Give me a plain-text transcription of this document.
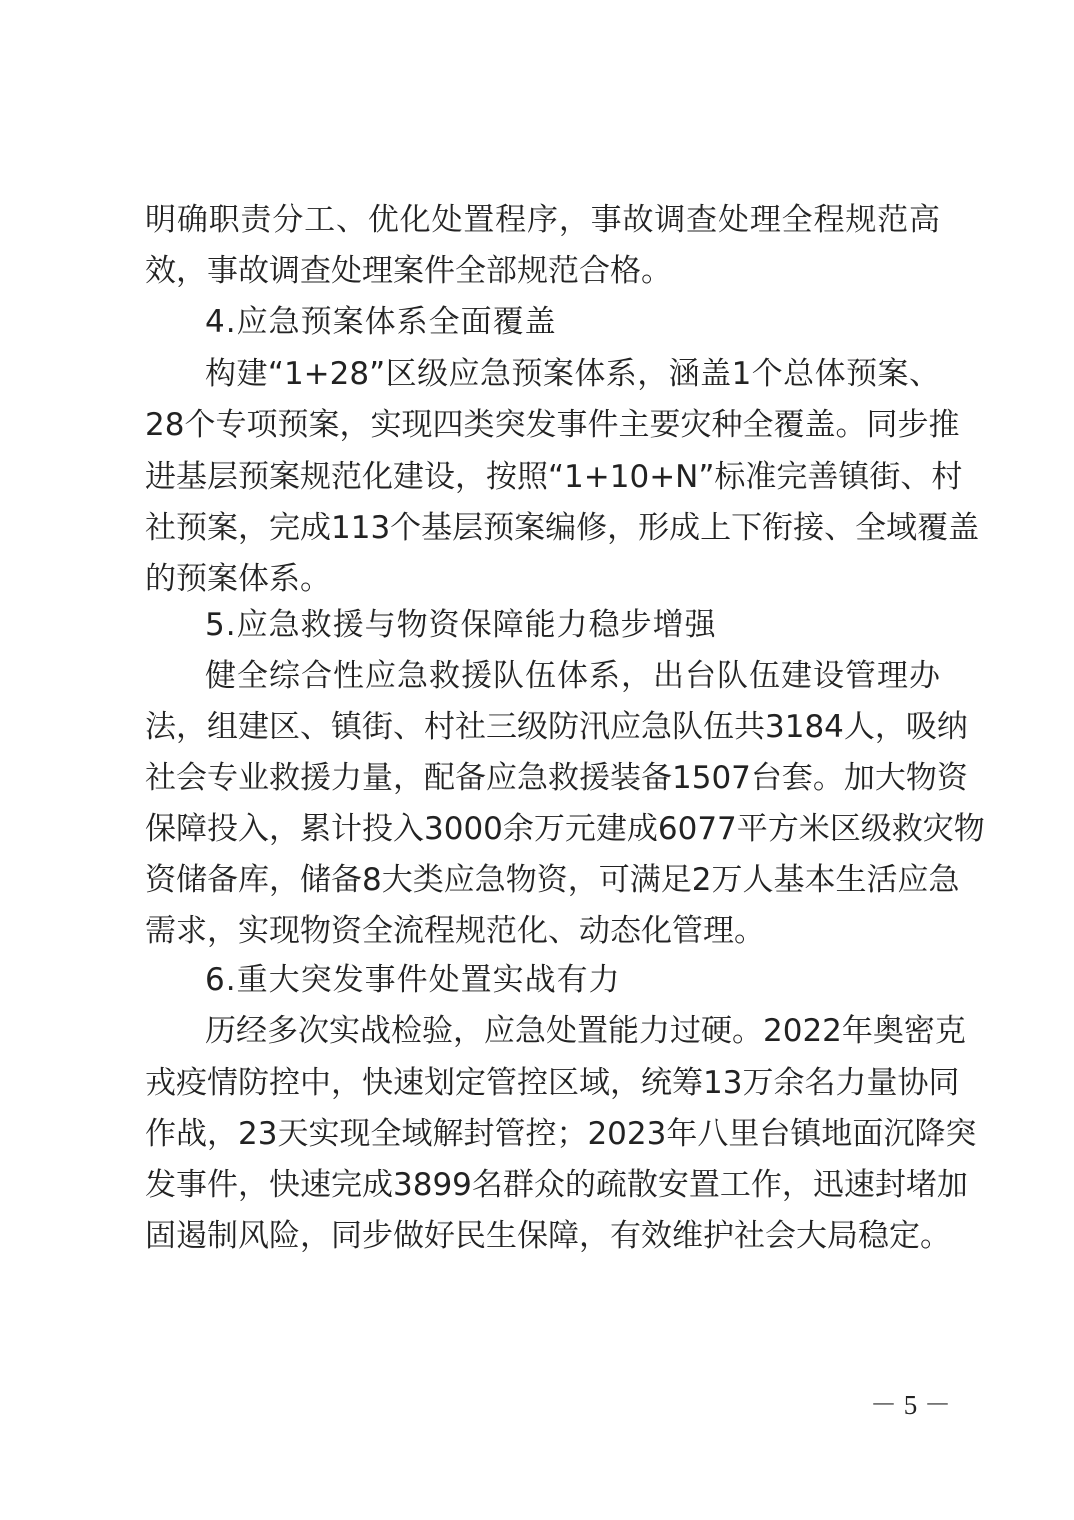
明确职责分工、优化处置程序，事故调查处理全程规范高
效，事故调查处理案件全部规范合格。
4.应急预案体系全面覆盖
构建“1+28”区级应急预案体系，涵盖1个总体预案、
28个专项预案，实现四类突发事件主要灾种全覆盖。同步推
进基层预案规范化建设，按照“1+10+N”标准完善镇街、村
社预案，完成113个基层预案编修，形成上下衔接、全域覆盖
的预案体系。
5.应急救援与物资保障能力稳步增强
健全综合性应急救援队伍体系，出台队伍建设管理办
法，组建区、镇街、村社三级防汛应急队伍共3184人，吸纳
社会专业救援力量，配备应急救援装备1507台套。加大物资
保障投入，累计投入3000余万元建成6077平方米区级救灾物
资储备库，储备8大类应急物资，可满足2万人基本生活应急
需求，实现物资全流程规范化、动态化管理。
6.重大突发事件处置实战有力
历经多次实战检验，应急处置能力过硬。2022年奥密克
戎疫情防控中，快速划定管控区域，统筹13万余名力量协同
作战，23天实现全域解封管控；2023年八里台镇地面沉降突
发事件，快速完成3899名群众的疏散安置工作，迅速封堵加
固遏制风险，同步做好民生保障，有效维护社会大局稳定。
－ 5 －
